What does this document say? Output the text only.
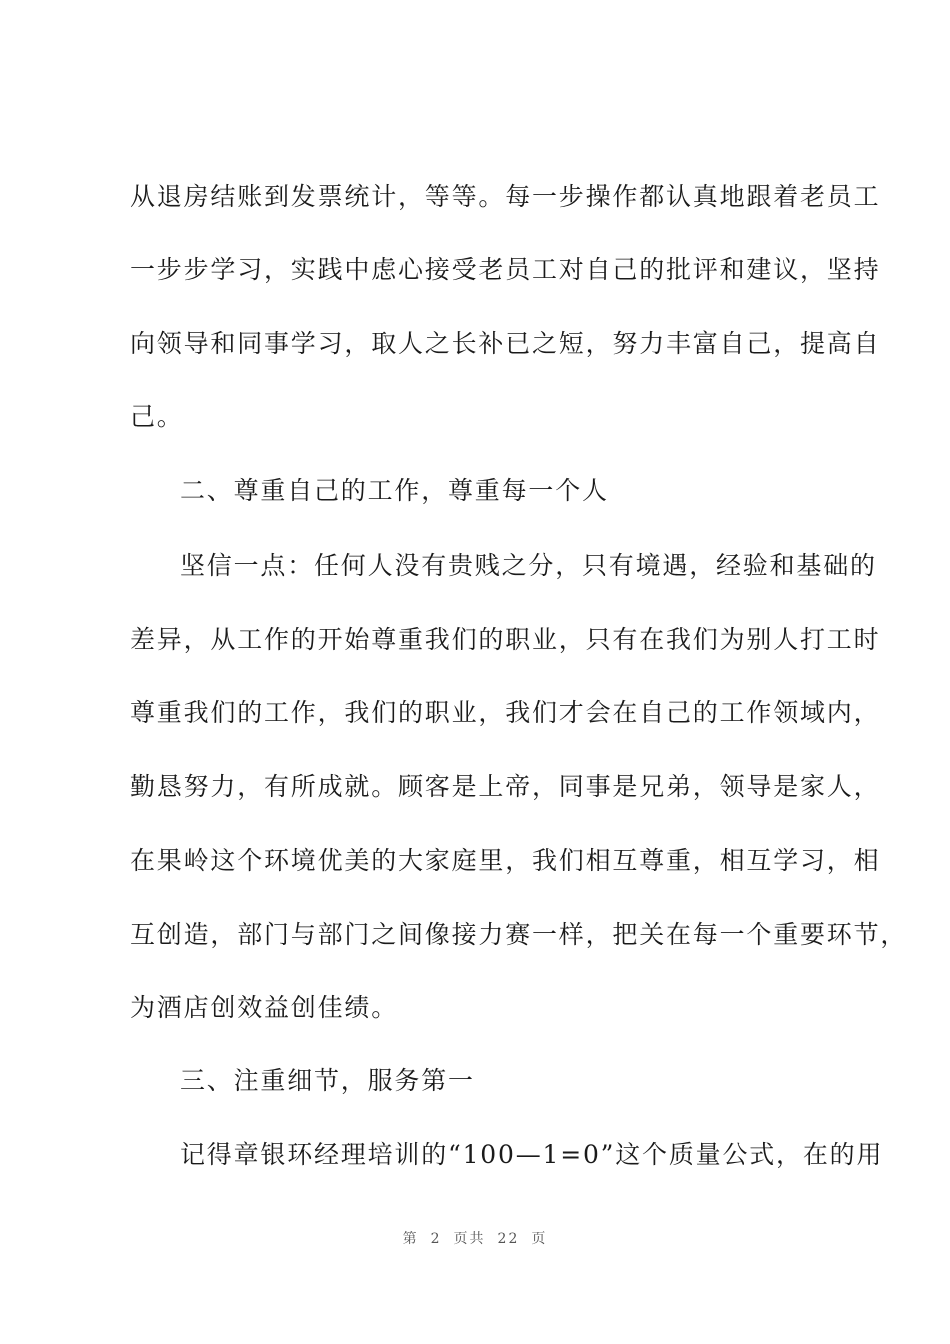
从退房结账到发票统计，等等。每一步操作都认真地跟着老员工
一步步学习，实践中虑心接受老员工对自己的批评和建议，坚持
向领导和同事学习，取人之长补已之短，努力丰富自己，提高自
己。
二、尊重自己的工作，尊重每一个人
坚信一点：任何人没有贵贱之分，只有境遇，经验和基础的
差异，从工作的开始尊重我们的职业，只有在我们为别人打工时
尊重我们的工作，我们的职业，我们才会在自己的工作领域内，
勤恳努力，有所成就。顾客是上帝，同事是兄弟，领导是家人，
在果岭这个环境优美的大家庭里，我们相互尊重，相互学习，相
互创造，部门与部门之间像接力赛一样，把关在每一个重要环节，
为酒店创效益创佳绩。
三、注重细节，服务第一
记得章银环经理培训的“100—1=0”这个质量公式，在的用
第 2 页共 22 页
